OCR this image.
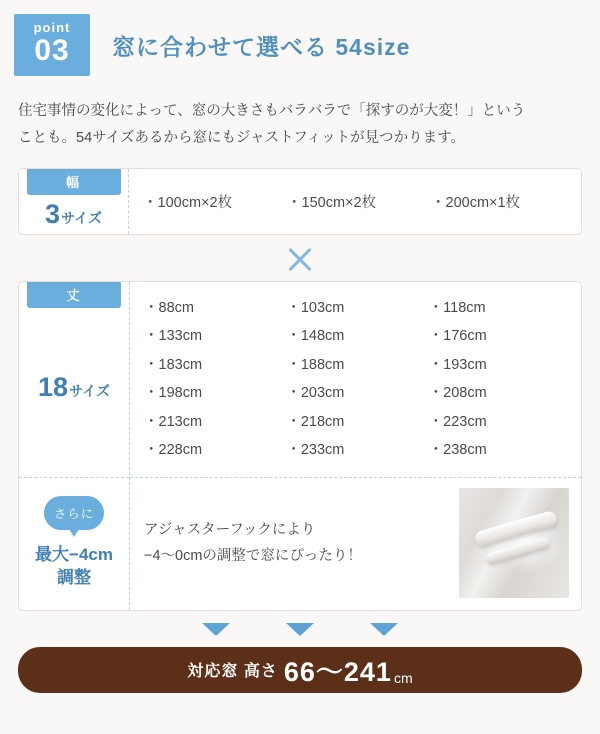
point
03	窓に合わせて選べる 54size
住宅事情の変化によって、窓の大きさもバラバラで「探すのが大変！」という
ことも。54サイズあるから窓にもジャストフィットが見つかります。
幅
3 サイズ
・100cm×2枚	・150cm×2枚	・200cm×1枚
丈
18 サイズ
さらに
最大−4cm
調整
・88cm	・103cm	・118cm
・133cm	・148cm	・176cm
・183cm	・188cm	・193cm
・198cm	・203cm	・208cm
・213cm	・218cm	・223cm
・228cm	・233cm	・238cm
アジャスターフックにより
−4〜0cmの調整で窓にぴったり！
対応窓 高さ 66〜241 cm
